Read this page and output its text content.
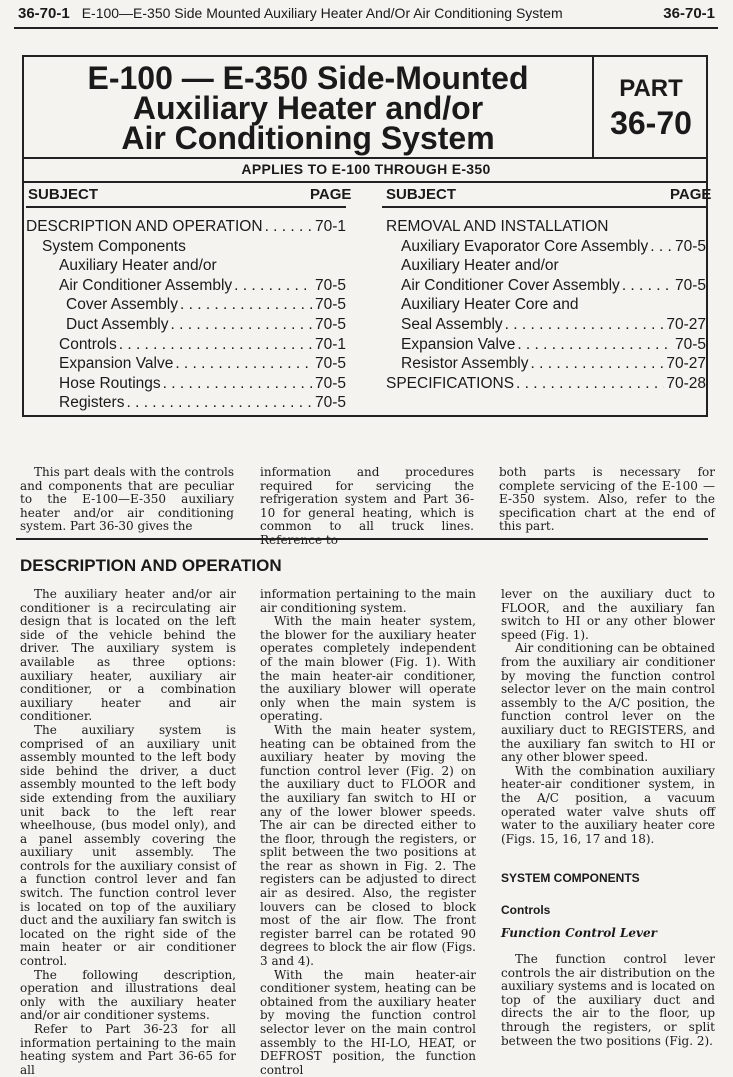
36-70-1 E-100—E-350 Side Mounted Auxiliary Heater And/Or Air Conditioning System	36-70-1
E-100 — E-350 Side-Mounted
Auxiliary Heater and/or
Air Conditioning System
PART
36-70
APPLIES TO E-100 THROUGH E-350
SUBJECT	PAGE SUBJECT	PAGE
DESCRIPTION AND OPERATION . . .	70-1
System Components
Auxiliary Heater and/or
Air Conditioner Assembly . . .	70-5
Cover Assembly . . .	70-5
Duct Assembly . . .	70-5
Controls . . .	70-1
Expansion Valve . . .	70-5
Hose Routings . . .	70-5
Registers . . .	70-5
REMOVAL AND INSTALLATION
Auxiliary Evaporator Core Assembly . . . 70-5
Auxiliary Heater and/or
Air Conditioner Cover Assembly . . .	70-5
Auxiliary Heater Core and
Seal Assembly . . .	70-27
Expansion Valve . . .	70-5
Resistor Assembly . . .	70-27
SPECIFICATIONS . . .	70-28

This part deals with the controls and components that are peculiar to the E-100—E-350 auxiliary heater and/or air conditioning system. Part 36-30 gives the

information and procedures required for servicing the refrigeration system and Part 36-10 for general heating, which is common to all truck lines.

both parts is necessary for complete servicing of the E-100 — E-350 system. Also, refer to the specification chart at the end of this part.

DESCRIPTION AND OPERATION

The auxiliary heater and/or air conditioner is a recirculating air design that is located on the left side of the vehicle behind the driver. The auxiliary system is available as three options: auxiliary heater, auxiliary air conditioner, or a combination auxiliary heater and air conditioner.

The auxiliary system is comprised of an auxiliary unit assembly mounted to the left body side behind the driver, a duct assembly mounted to the left body side extending from the auxiliary unit back to the left rear wheelhouse, (bus model only), and a panel assembly covering the auxiliary unit assembly. The controls for the auxiliary consist of a function control lever and fan switch. The function control lever is located on top of the auxiliary duct and the auxiliary fan switch is located on the right side of the main heater or air conditioner control.

The following description, operation and illustrations deal only with the auxiliary heater and/or air conditioner systems.

Refer to Part 36-23 for all information pertaining to the main heating system and Part 36-65 for all

information pertaining to the main air conditioning system.

With the main heater system, the blower for the auxiliary heater operates completely independent of the main blower (Fig. 1). With the main heater-air conditioner, the auxiliary blower will operate only when the main system is operating.

With the main heater system, heating can be obtained from the auxiliary heater by moving the function control lever (Fig. 2) on the auxiliary duct to FLOOR and the auxiliary fan switch to HI or any of the lower blower speeds. The air can be directed either to the floor, through the registers, or split between the two positions at the rear as shown in Fig. 2. The registers can be adjusted to direct air as desired. Also, the register louvers can be closed to block most of the air flow. The front register barrel can be rotated 90 degrees to block the air flow (Figs. 3 and 4).

With the main heater-air conditioner system, heating can be obtained from the auxiliary heater by moving the function control selector lever on the main control assembly to the HI-LO, HEAT, or DEFROST position, the function control

lever on the auxiliary duct to FLOOR, and the auxiliary fan switch to HI or any other blower speed (Fig. 1).

Air conditioning can be obtained from the auxiliary air conditioner by moving the function control selector lever on the main control assembly to the A/C position, the function control lever on the auxiliary duct to REGISTERS, and the auxiliary fan switch to HI or any other blower speed.

With the combination auxiliary heater-air conditioner system, in the A/C position, a vacuum operated water valve shuts off water to the auxiliary heater core (Figs. 15, 16, 17 and 18).

SYSTEM COMPONENTS
Controls
Function Control Lever

The function control lever controls the air distribution on the auxiliary systems and is located on top of the auxiliary duct and directs the air to the floor, up through the registers, or split between the two positions (Fig. 2).
